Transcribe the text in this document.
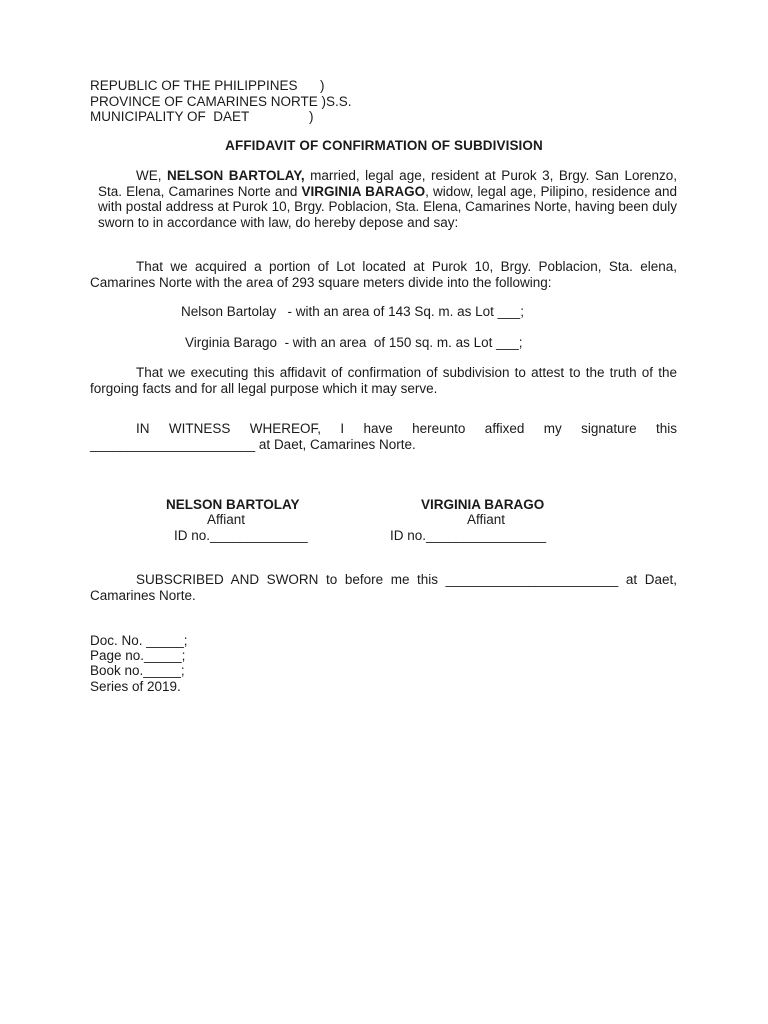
REPUBLIC OF THE PHILIPPINES      )
PROVINCE OF CAMARINES NORTE )S.S.
MUNICIPALITY OF  DAET                )
AFFIDAVIT OF CONFIRMATION OF SUBDIVISION
WE, NELSON BARTOLAY, married, legal age, resident at Purok 3, Brgy. San Lorenzo, Sta. Elena, Camarines Norte and VIRGINIA BARAGO, widow, legal age, Pilipino, residence and with postal address at Purok 10, Brgy. Poblacion, Sta. Elena, Camarines Norte, having been duly sworn to in accordance with law, do hereby depose and say:
That we acquired a portion of Lot located at Purok 10, Brgy. Poblacion, Sta. elena, Camarines Norte with the area of 293 square meters divide into the following:
Nelson Bartolay   - with an area of 143 Sq. m. as Lot ___;
Virginia Barago  - with an area  of 150 sq. m. as Lot ___;
That we executing this affidavit of confirmation of subdivision to attest to the truth of the forgoing facts and for all legal purpose which it may serve.
IN WITNESS WHEREOF, I have hereunto affixed my signature this ______________________ at Daet, Camarines Norte.
NELSON BARTOLAY
Affiant
ID no._____________
VIRGINIA BARAGO
Affiant
ID no.________________
SUBSCRIBED AND SWORN to before me this _______________________ at Daet, Camarines Norte.
Doc. No. _____;
Page no._____;
Book no._____;
Series of 2019.
